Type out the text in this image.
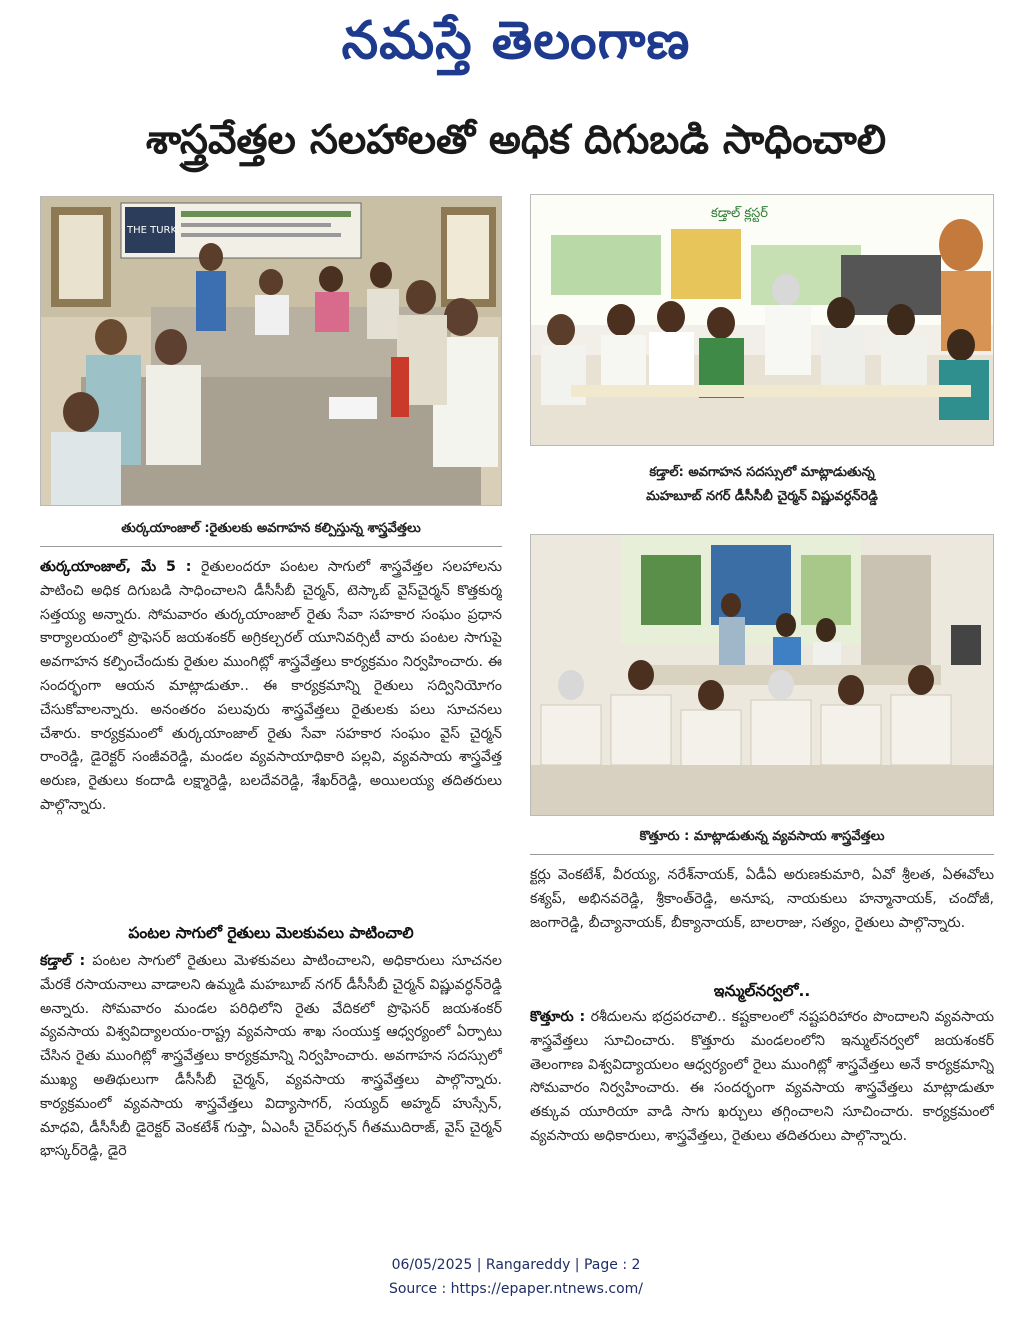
నమస్తే తెలంగాణ
శాస్త్రవేత్తల సలహాలతో అధిక దిగుబడి సాధించాలి
THE TURK
తుర్కయాంజాల్ :రైతులకు అవగాహన కల్పిస్తున్న శాస్త్రవేత్తలు
కడ్తాల్ క్లస్టర్
కడ్తాల్: అవగాహన సదస్సులో మాట్లాడుతున్న
మహబూబ్ నగర్ డీసీసీబీ చైర్మన్ విష్ణువర్ధన్‌రెడ్డి
కొత్తూరు : మాట్లాడుతున్న వ్యవసాయ శాస్త్రవేత్తలు

తుర్కయాంజాల్, మే 5 : రైతులందరూ పంటల సాగులో శాస్త్రవేత్తల సలహాలను పాటించి అధిక దిగుబడి సాధించాలని డీసీసీబీ చైర్మన్, టెస్కాబ్ వైస్‌చైర్మన్ కొత్తకుర్మ సత్తయ్య అన్నారు. సోమవారం తుర్కయాంజాల్ రైతు సేవా సహకార సంఘం ప్రధాన కార్యాలయంలో ప్రొఫెసర్ జయశంకర్ అగ్రికల్చరల్ యూనివర్సిటీ వారు పంటల సాగుపై అవగాహన కల్పించేందుకు రైతుల ముంగిట్లో శాస్త్రవేత్తలు కార్యక్రమం నిర్వహించారు. ఈ సందర్భంగా ఆయన మాట్లాడుతూ.. ఈ కార్యక్రమాన్ని రైతులు సద్వినియోగం చేసుకోవాలన్నారు. అనంతరం పలువురు శాస్త్రవేత్తలు రైతులకు పలు సూచనలు చేశారు. కార్యక్రమంలో తుర్కయాంజాల్ రైతు సేవా సహకార సంఘం వైస్ చైర్మన్ రాంరెడ్డి, డైరెక్టర్ సంజీవరెడ్డి, మండల వ్యవసాయాధికారి పల్లవి, వ్యవసాయ శాస్త్రవేత్త అరుణ, రైతులు కందాడి లక్ష్మారెడ్డి, బలదేవరెడ్డి, శేఖర్‌రెడ్డి, అయిలయ్య తదితరులు పాల్గొన్నారు.

పంటల సాగులో రైతులు మెలకువలు పాటించాలి

కడ్తాల్ : పంటల సాగులో రైతులు మెళకువలు పాటించాలని, అధికారులు సూచనల మేరకే రసాయనాలు వాడాలని ఉమ్మడి మహబూబ్ నగర్ డీసీసీబీ చైర్మన్ విష్ణువర్ధన్‌రెడ్డి అన్నారు. సోమవారం మండల పరిధిలోని రైతు వేదికలో ప్రొఫెసర్ జయశంకర్ వ్యవసాయ విశ్వవిద్యాలయం-రాష్ట్ర వ్యవసాయ శాఖ సంయుక్త ఆధ్వర్యంలో ఏర్పాటు చేసిన రైతు ముంగిట్లో శాస్త్రవేత్తలు కార్యక్రమాన్ని నిర్వహించారు. అవగాహన సదస్సులో ముఖ్య అతిథులుగా డీసీసీబీ చైర్మన్, వ్యవసాయ శాస్త్రవేత్తలు పాల్గొన్నారు. కార్యక్రమంలో వ్యవసాయ శాస్త్రవేత్తలు విద్యాసాగర్, సయ్యద్ అహ్మద్ హుస్సేన్, మాధవి, డీసీసీబీ డైరెక్టర్ వెంకటేశ్ గుప్తా, ఏఎంసీ చైర్‌పర్సన్ గీతముదిరాజ్, వైస్ చైర్మన్ భాస్కర్‌రెడ్డి, డైరె

క్టర్లు వెంకటేశ్, వీరయ్య, నరేశ్‌నాయక్, ఏడీఏ అరుణకుమారి, ఏవో శ్రీలత, ఏఈవోలు కశ్యప్, అభినవరెడ్డి, శ్రీకాంత్‌రెడ్డి, అనూష, నాయకులు హన్మానాయక్, చందోజీ, జంగారెడ్డి, బీచ్యానాయక్, బీక్యానాయక్, బాలరాజు, సత్యం, రైతులు పాల్గొన్నారు.

ఇన్ముల్‌నర్వలో..

కొత్తూరు : రశీదులను భద్రపరచాలి.. కష్టకాలంలో నష్టపరిహారం పొందాలని వ్యవసాయ శాస్త్రవేత్తలు సూచించారు. కొత్తూరు మండలంలోని ఇన్ముల్‌నర్వలో జయశంకర్ తెలంగాణ విశ్వవిద్యాయలం ఆధ్వర్యంలో రైలు ముంగిట్లో శాస్త్రవేత్తలు అనే కార్యక్రమాన్ని సోమవారం నిర్వహించారు. ఈ సందర్భంగా వ్యవసాయ శాస్త్రవేత్తలు మాట్లాడుతూ తక్కువ యూరియా వాడి సాగు ఖర్చులు తగ్గించాలని సూచించారు. కార్యక్రమంలో వ్యవసాయ అధికారులు, శాస్త్రవేత్తలు, రైతులు తదితరులు పాల్గొన్నారు.

06/05/2025 | Rangareddy | Page : 2
Source : https://epaper.ntnews.com/
